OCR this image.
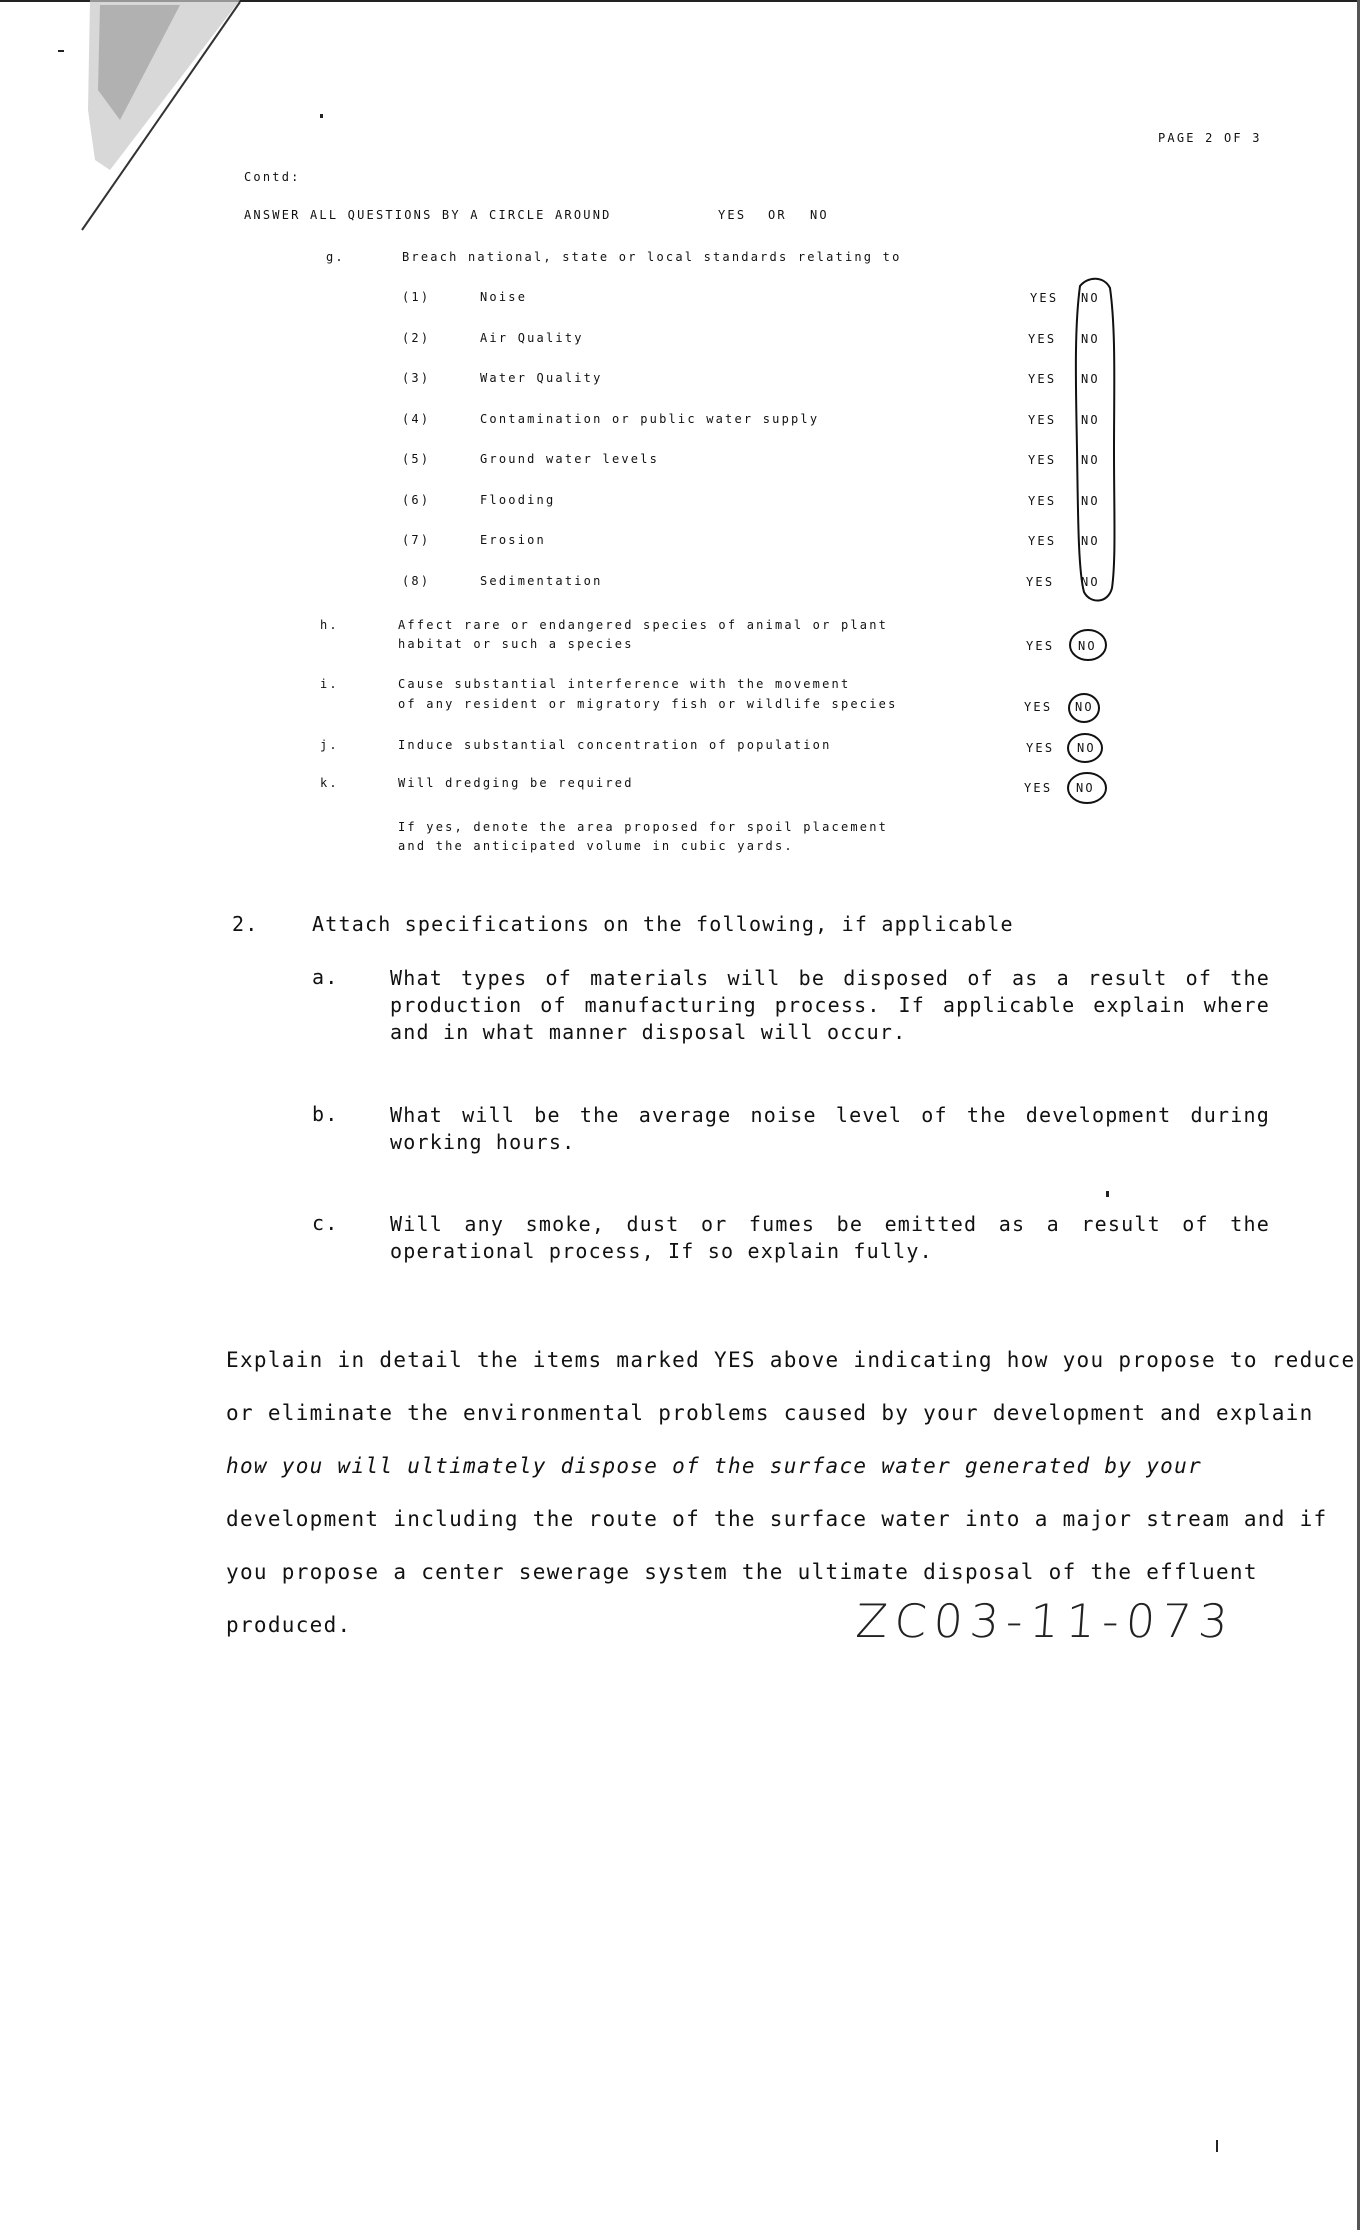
PAGE 2 OF 3
Contd:
ANSWER ALL QUESTIONS BY A CIRCLE AROUND	YES OR NO
g.	Breach national, state or local standards relating to
(1)	Noise	YES NO
(2)	Air Quality	YES NO
(3)	Water Quality	YES NO
(4)	Contamination or public water supply	YES NO
(5)	Ground water levels	YES NO
(6)	Flooding	YES NO
(7)	Erosion	YES NO
(8)	Sedimentation	YES NO
h.	Affect rare or endangered species of animal or plant
habitat or such a species	YES NO
i.	Cause substantial interference with the movement
of any resident or migratory fish or wildlife species	YES NO
j.	Induce substantial concentration of population	YES NO
k.	Will dredging be required	YES NO
If yes, denote the area proposed for spoil placement
and the anticipated volume in cubic yards.
2.	Attach specifications on the following, if applicable
a.	What types of materials will be disposed of as a result of the production of manufacturing process. If applicable explain where and in what manner disposal will occur.
b.	What will be the average noise level of the development during working hours.
c.	Will any smoke, dust or fumes be emitted as a result of the operational process, If so explain fully.
Explain in detail the items marked YES above indicating how you propose to reduce
or eliminate the environmental problems caused by your development and explain
how you will ultimately dispose of the surface water generated by your
development including the route of the surface water into a major stream and if
you propose a center sewerage system the ultimate disposal of the effluent
produced.	ZC03-11-073
